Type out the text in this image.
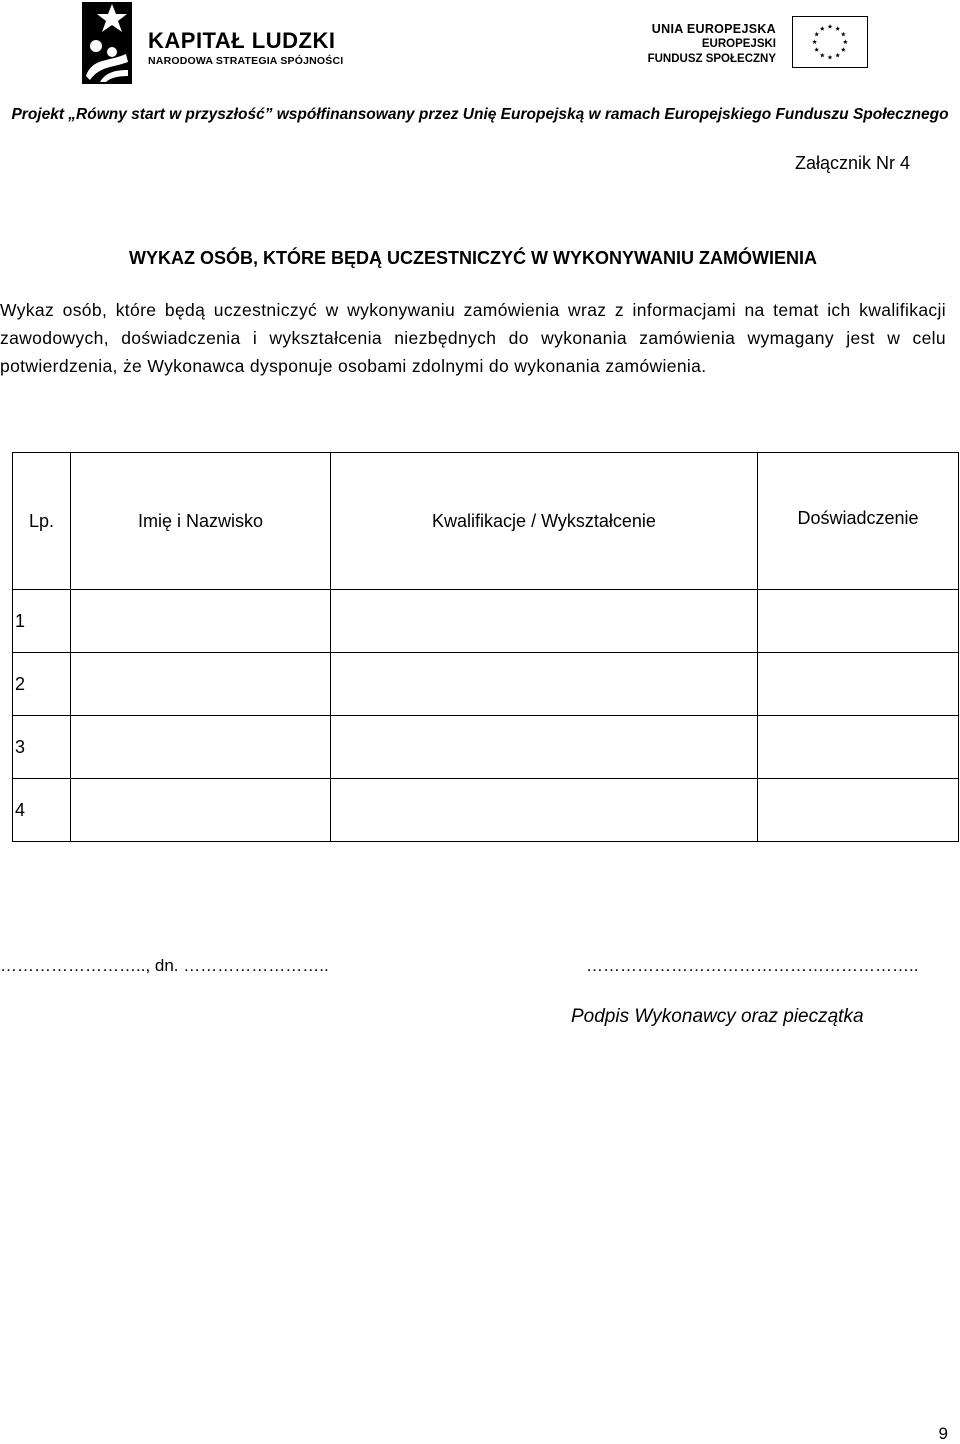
KAPITAŁ LUDZKI
NARODOWA STRATEGIA SPÓJNOŚCI
UNIA EUROPEJSKA
EUROPEJSKI
FUNDUSZ SPOŁECZNY
Projekt „Równy start w przyszłość” współfinansowany przez Unię Europejską w ramach Europejskiego Funduszu Społecznego
Załącznik Nr 4
WYKAZ OSÓB, KTÓRE BĘDĄ UCZESTNICZYĆ W WYKONYWANIU ZAMÓWIENIA
Wykaz osób, które będą uczestniczyć w wykonywaniu zamówienia wraz z informacjami na temat ich kwalifikacji zawodowych, doświadczenia i wykształcenia niezbędnych do wykonania zamówienia wymagany jest w celu potwierdzenia, że Wykonawca dysponuje osobami zdolnymi do wykonania zamówienia.
Lp.	Imię i Nazwisko	Kwalifikacje / Wykształcenie	Doświadczenie
1			
2			
3			
4			
…………………….., dn. ……………………..	…………………………………………………..
Podpis Wykonawcy oraz pieczątka
9
